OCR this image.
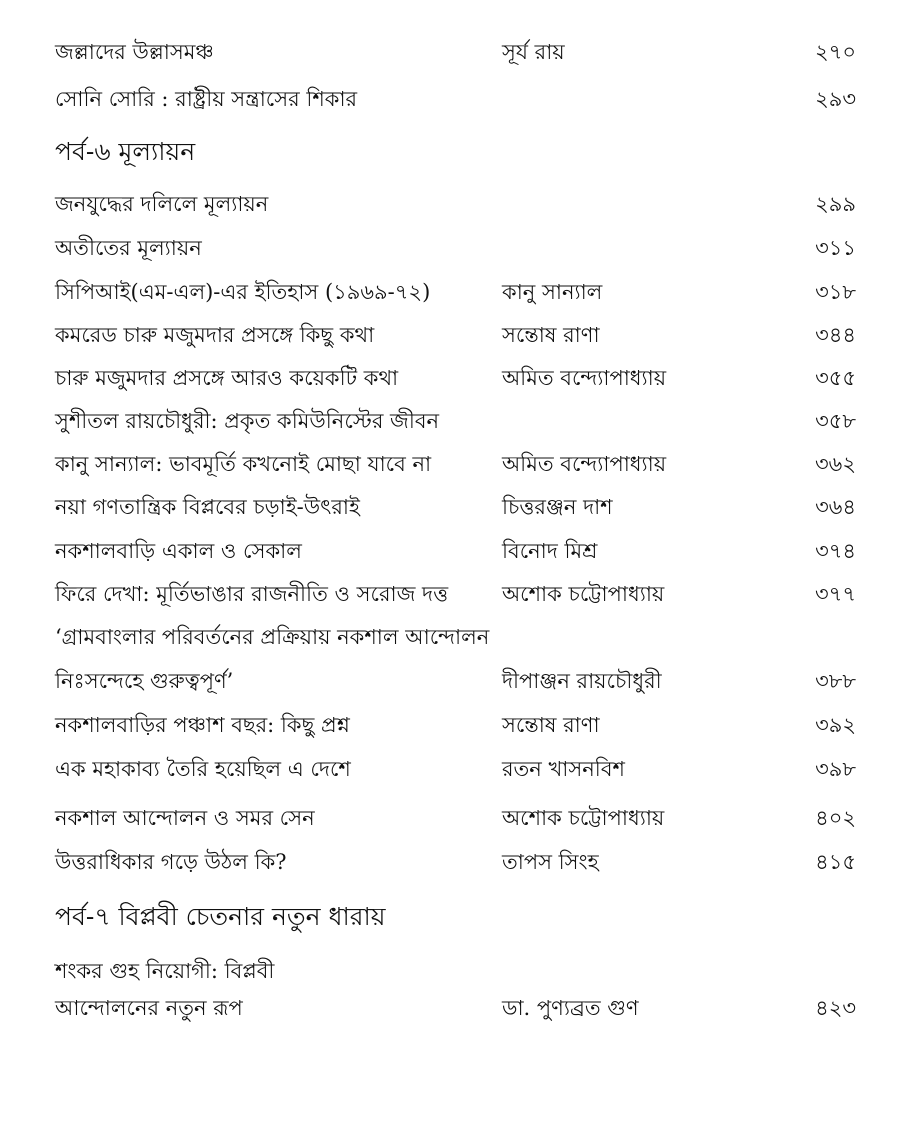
জল্লাদের উল্লাসমঞ্চ	সূর্য রায়	২৭০
সোনি সোরি : রাষ্ট্রীয় সন্ত্রাসের শিকার	২৯৩
পর্ব-৬ মূল্যায়ন
জনযুদ্ধের দলিলে মূল্যায়ন	২৯৯
অতীতের মূল্যায়ন	৩১১
সিপিআই(এম-এল)-এর ইতিহাস (১৯৬৯-৭২)	কানু সান্যাল	৩১৮
কমরেড চারু মজুমদার প্রসঙ্গে কিছু কথা	সন্তোষ রাণা	৩৪৪
চারু মজুমদার প্রসঙ্গে আরও কয়েকটি কথা	অমিত বন্দ্যোপাধ্যায়	৩৫৫
সুশীতল রায়চৌধুরী: প্রকৃত কমিউনিস্টের জীবন	৩৫৮
কানু সান্যাল: ভাবমূর্তি কখনোই মোছা যাবে না	অমিত বন্দ্যোপাধ্যায়	৩৬২
নয়া গণতান্ত্রিক বিপ্লবের চড়াই-উৎরাই	চিত্তরঞ্জন দাশ	৩৬৪
নকশালবাড়ি একাল ও সেকাল	বিনোদ মিশ্র	৩৭৪
ফিরে দেখা: মূর্তিভাঙার রাজনীতি ও সরোজ দত্ত	অশোক চট্টোপাধ্যায়	৩৭৭
‘গ্রামবাংলার পরিবর্তনের প্রক্রিয়ায় নকশাল আন্দোলন
নিঃসন্দেহে গুরুত্বপূর্ণ’	দীপাঞ্জন রায়চৌধুরী	৩৮৮
নকশালবাড়ির পঞ্চাশ বছর: কিছু প্রশ্ন	সন্তোষ রাণা	৩৯২
এক মহাকাব্য তৈরি হয়েছিল এ দেশে	রতন খাসনবিশ	৩৯৮
নকশাল আন্দোলন ও সমর সেন	অশোক চট্টোপাধ্যায়	৪০২
উত্তরাধিকার গড়ে উঠল কি?	তাপস সিংহ	৪১৫
পর্ব-৭ বিপ্লবী চেতনার নতুন ধারায়
শংকর গুহ নিয়োগী: বিপ্লবী
আন্দোলনের নতুন রূপ	ডা. পুণ্যব্রত গুণ	৪২৩
